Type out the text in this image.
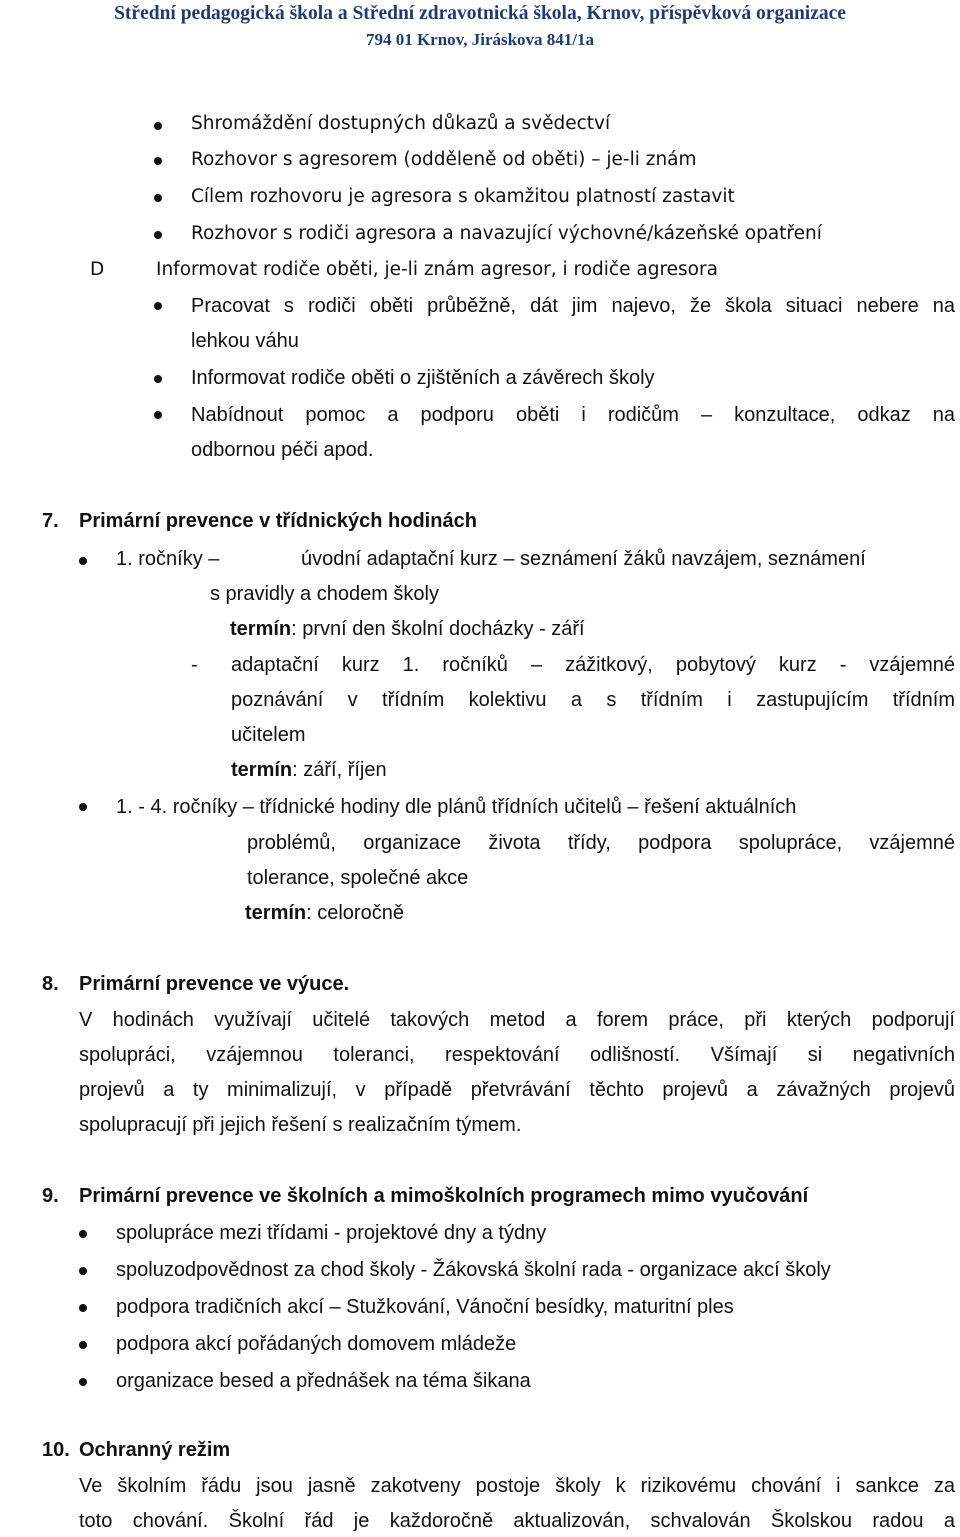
Střední pedagogická škola a Střední zdravotnická škola, Krnov, příspěvková organizace
794 01 Krnov, Jiráskova 841/1a
Shromáždění dostupných důkazů a svědectví
Rozhovor s agresorem (odděleně od oběti) – je-li znám
Cílem rozhovoru je agresora s okamžitou platností zastavit
Rozhovor s rodiči agresora a navazující výchovné/kázeňské opatření
D	Informovat rodiče oběti, je-li znám agresor, i rodiče agresora
Pracovat s rodiči oběti průběžně, dát jim najevo, že škola situaci nebere na
lehkou váhu
Informovat rodiče oběti o zjištěních a závěrech školy
Nabídnout pomoc a podporu oběti i rodičům – konzultace, odkaz na
odbornou péči apod.
7. Primární prevence v třídnických hodinách
1. ročníky –	úvodní adaptační kurz – seznámení žáků navzájem, seznámení
s pravidly a chodem školy
termín: první den školní docházky - září
- adaptační kurz 1. ročníků – zážitkový, pobytový kurz - vzájemné
poznávání v třídním kolektivu a s třídním i zastupujícím třídním
učitelem
termín: září, říjen
1. - 4. ročníky – třídnické hodiny dle plánů třídních učitelů – řešení aktuálních
problémů, organizace života třídy, podpora spolupráce, vzájemné
tolerance, společné akce
termín: celoročně
8. Primární prevence ve výuce.
V hodinách využívají učitelé takových metod a forem práce, při kterých podporují
spolupráci, vzájemnou toleranci, respektování odlišností. Všímají si negativních
projevů a ty minimalizují, v případě přetvrávání těchto projevů a závažných projevů
spolupracují při jejich řešení s realizačním týmem.
9. Primární prevence ve školních a mimoškolních programech mimo vyučování
spolupráce mezi třídami - projektové dny a týdny
spoluzodpovědnost za chod školy - Žákovská školní rada - organizace akcí školy
podpora tradičních akcí – Stužkování, Vánoční besídky, maturitní ples
podpora akcí pořádaných domovem mládeže
organizace besed a přednášek na téma šikana
10. Ochranný režim
Ve školním řádu jsou jasně zakotveny postoje školy k rizikovému chování i sankce za
toto chování. Školní řád je každoročně aktualizován, schvalován Školskou radou a
